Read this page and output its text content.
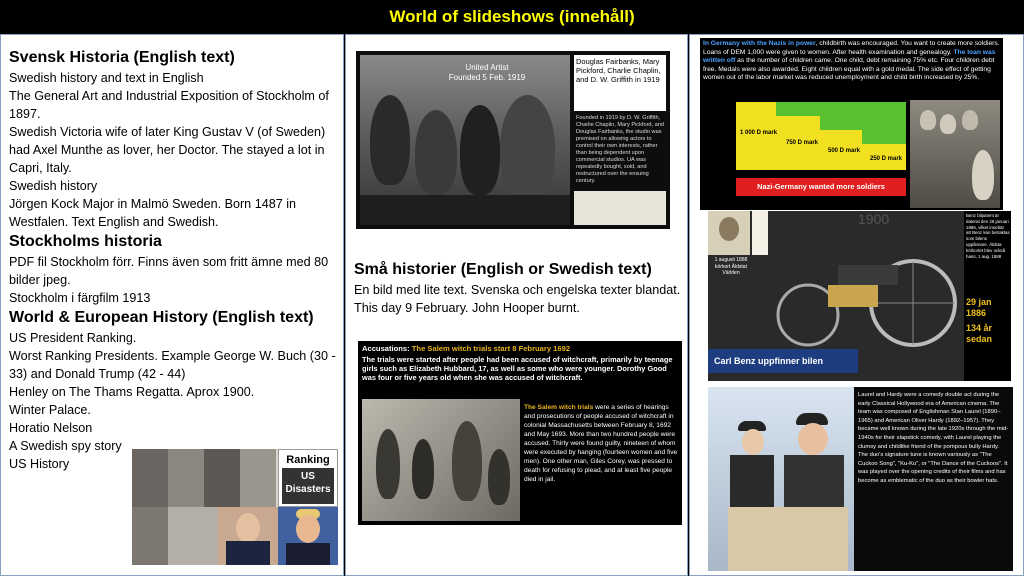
World of slideshows (innehåll)
Svensk Historia (English text)
Swedish history and text in English
The General Art and Industrial Exposition of Stockholm of 1897.
Swedish Victoria wife of later King Gustav V (of Sweden) had Axel Munthe as lover, her Doctor. The stayed a lot in Capri, Italy.
Swedish history
Jörgen Kock Major in Malmö Sweden. Born 1487 in Westfalen. Text English and Swedish.
Stockholms historia
PDF fil Stockholm förr. Finns även som fritt ämne med 80 bilder jpeg.
Stockholm i färgfilm 1913
World & European History (English text)
US President Ranking.
Worst Ranking Presidents. Example George W. Buch (30 - 33) and Donald Trump (42 - 44)
Henley on The Thams Regatta. Aprox 1900.
Winter Palace.
Horatio Nelson
A Swedish spy story
US History	Ranking
US
Disasters
United Artist
Founded 5 Feb. 1919
Douglas Fairbanks, Mary Pickford, Charlie Chaplin, and D. W. Griffith in 1919
Founded in 1919 by D. W. Griffith, Charlie Chaplin, Mary Pickford, and Douglas Fairbanks, the studio was premised on allowing actors to control their own interests, rather than being dependent upon commercial studios. UA was repeatedly bought, sold, and restructured over the ensuing century.
Små historier (English or Swedish text)
En bild med lite text. Svenska och engelska texter blandat.
This day 9 February. John Hooper burnt.
Accusations: The Salem witch trials start 8 February 1692
The trials were started after people had been accused of witchcraft, primarily by teenage girls such as Elizabeth Hubbard, 17, as well as some who were younger. Dorothy Good was four or five years old when she was accused of witchcraft.
The Salem witch trials were a series of hearings and prosecutions of people accused of witchcraft in colonial Massachusetts between February 8, 1692 and May 1693. More than two hundred people were accused. Thirty were found guilty, nineteen of whom were executed by hanging (fourteen women and five men). One other man, Giles Corey, was pressed to death for refusing to plead, and at least five people died in jail.
In Germany with the Nazis in power, childbirth was encouraged. You want to create more soldiers. Loans of DEM 1,000 were given to women. After health examination and genealogy. The loan was written off as the number of children came. One child, debt remaining 75% etc. Four children debt free. Medals were also awarded. Eight children equal with a gold medal. The side effect of getting women out of the labor market was reduced unemployment and child birth increased by 25%.
1 000 D mark
750 D mark
500 D mark
250 D mark
Nazi-Germany wanted more soldiers
1 augusti 1888 körkort Äldstat Världen
1900
Carl Benz uppfinner bilen
Benz bilpatent är daterat den 29 januari 1886, vilket innebär att Benz kan betraktas som bilens uppfinnare. Äldsta körkortet blev också hans, 1 aug. 1888
29 jan 1886
134 år sedan
Laurel and Hardy were a comedy double act during the early Classical Hollywood era of American cinema. The team was composed of Englishman Stan Laurel (1890–1965) and American Oliver Hardy (1892–1957). They became well known during the late 1920s through the mid-1940s for their slapstick comedy, with Laurel playing the clumsy and childlike friend of the pompous bully Hardy. The duo's signature tune is known variously as "The Cuckoo Song", "Ku-Ku", or "The Dance of the Cuckoos". It was played over the opening credits of their films and has become as emblematic of the duo as their bowler hats.
